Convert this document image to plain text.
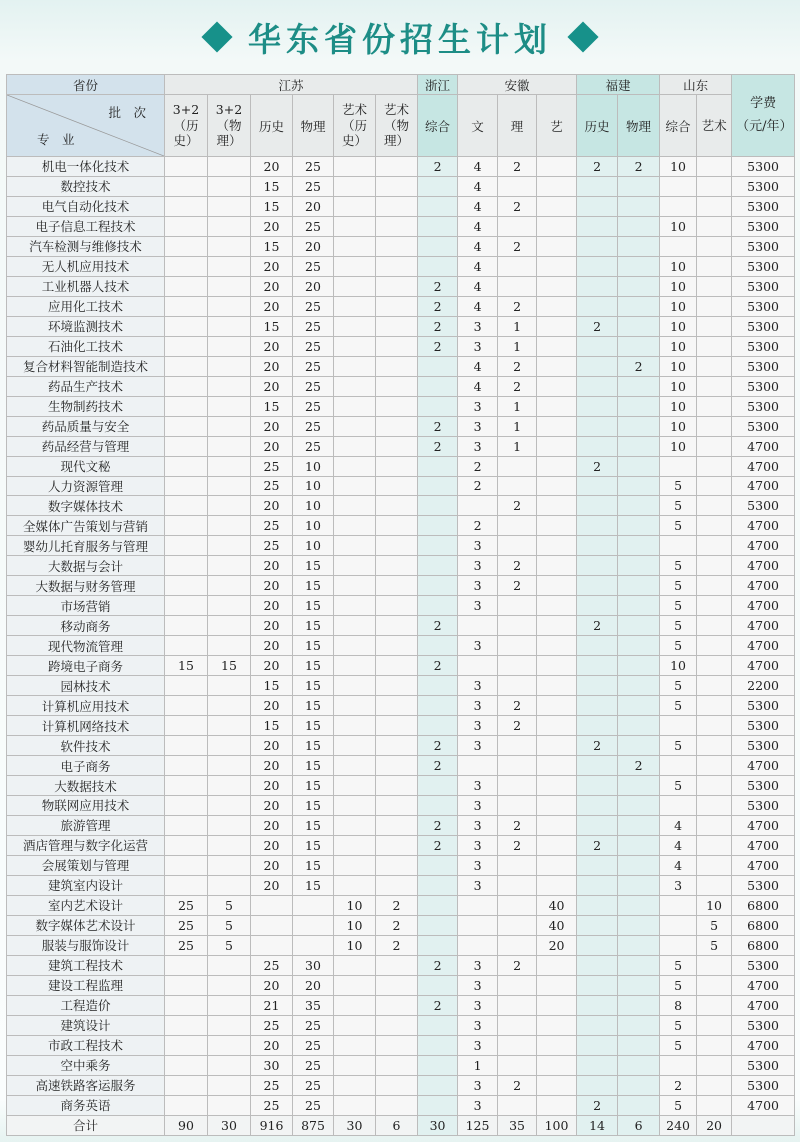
华东省份招生计划
省份	江苏						浙江	安徽			福建		山东		学费（元/年）

批　次
专　业	3+2（历史）	3+2（物理）	历史	物理	艺术（历史）	艺术（物理）	综合	文	理	艺	历史	物理	综合	艺术	
机电一体化技术			20	25			2	4	2		2	2	10		5300
数控技术			15	25				4							5300
电气自动化技术			15	20				4	2						5300
电子信息工程技术			20	25				4					10		5300
汽车检测与维修技术			15	20				4	2						5300
无人机应用技术			20	25				4					10		5300
工业机器人技术			20	20			2	4					10		5300
应用化工技术			20	25			2	4	2				10		5300
环境监测技术			15	25			2	3	1		2		10		5300
石油化工技术			20	25			2	3	1				10		5300
复合材料智能制造技术			20	25				4	2			2	10		5300
药品生产技术			20	25				4	2				10		5300
生物制药技术			15	25				3	1				10		5300
药品质量与安全			20	25			2	3	1				10		5300
药品经营与管理			20	25			2	3	1				10		4700
现代文秘			25	10				2			2				4700
人力资源管理			25	10				2					5		4700
数字媒体技术			20	10					2				5		5300
全媒体广告策划与营销			25	10				2					5		4700
婴幼儿托育服务与管理			25	10				3							4700
大数据与会计			20	15				3	2				5		4700
大数据与财务管理			20	15				3	2				5		4700
市场营销			20	15				3					5		4700
移动商务			20	15			2				2		5		4700
现代物流管理			20	15				3					5		4700
跨境电子商务	15	15	20	15			2						10		4700
园林技术			15	15				3					5		2200
计算机应用技术			20	15				3	2				5		5300
计算机网络技术			15	15				3	2						5300
软件技术			20	15			2	3			2		5		5300
电子商务			20	15			2					2			4700
大数据技术			20	15				3					5		5300
物联网应用技术			20	15				3							5300
旅游管理			20	15			2	3	2				4		4700
酒店管理与数字化运营			20	15			2	3	2		2		4		4700
会展策划与管理			20	15				3					4		4700
建筑室内设计			20	15				3					3		5300
室内艺术设计	25	5			10	2				40				10	6800
数字媒体艺术设计	25	5			10	2				40				5	6800
服装与服饰设计	25	5			10	2				20				5	6800
建筑工程技术			25	30			2	3	2				5		5300
建设工程监理			20	20				3					5		4700
工程造价			21	35			2	3					8		4700
建筑设计			25	25				3					5		5300
市政工程技术			20	25				3					5		4700
空中乘务			30	25				1							5300
高速铁路客运服务			25	25				3	2				2		5300
商务英语			25	25				3			2		5		4700
合计	90	30	916	875	30	6	30	125	35	100	14	6	240	20	
